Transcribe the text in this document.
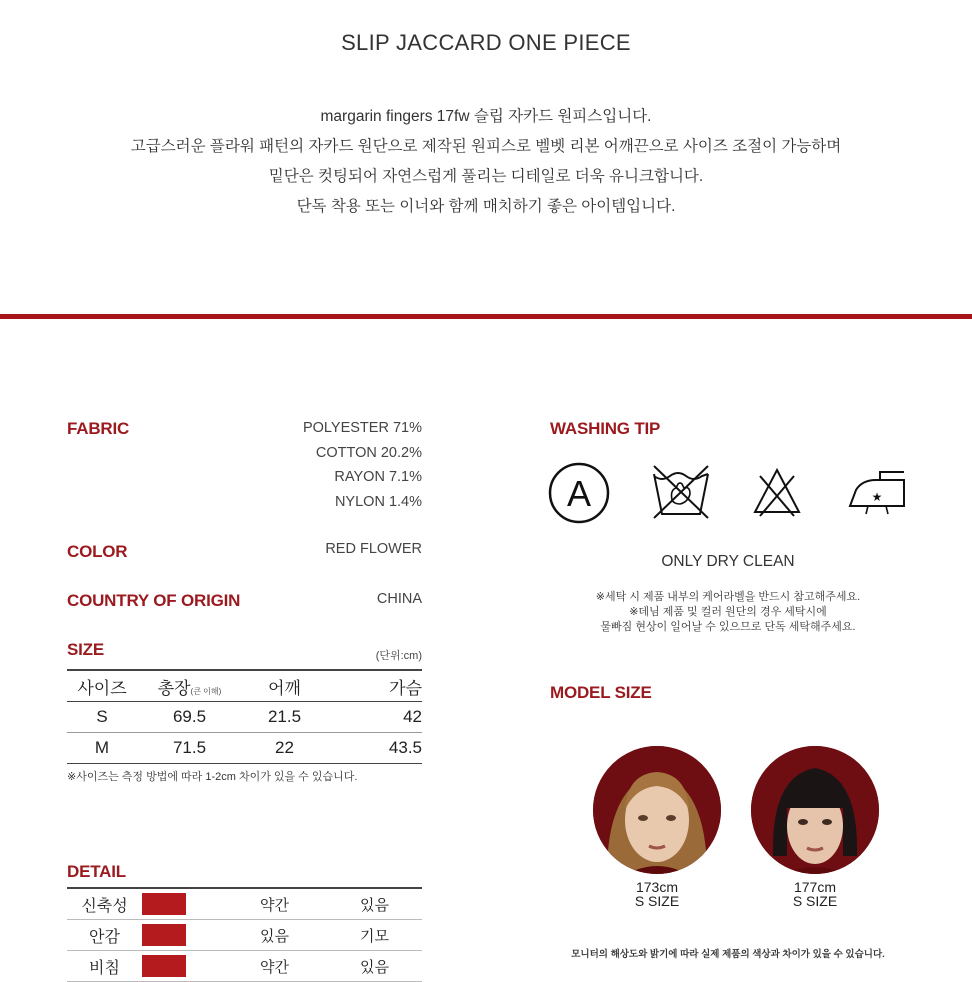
SLIP JACCARD ONE PIECE
margarin fingers 17fw 슬립 자카드 원피스입니다.
고급스러운 플라워 패턴의 자카드 원단으로 제작된 원피스로 벨벳 리본 어깨끈으로 사이즈 조절이 가능하며
밑단은 컷팅되어 자연스럽게 풀리는 디테일로 더욱 유니크합니다.
단독 착용 또는 이너와 함께 매치하기 좋은 아이템입니다.
FABRIC	POLYESTER 71%
COTTON 20.2%
RAYON 7.1%
NYLON 1.4%
COLOR	RED FLOWER
COUNTRY OF ORIGIN	CHINA
SIZE	(단위:cm)
사이즈	총장(큰 이해)	어깨	가슴
S	69.5	21.5	42
M	71.5	22	43.5
※사이즈는 측정 방법에 따라 1-2cm 차이가 있을 수 있습니다.
DETAIL
신축성	약간	있음
안감	있음	기모
비침	약간	있음
WASHING TIP
A	★
ONLY DRY CLEAN
※세탁 시 제품 내부의 케어라벨을 반드시 참고해주세요.
※데님 제품 및 컬러 원단의 경우 세탁시에
물빠짐 현상이 일어날 수 있으므로 단독 세탁해주세요.
MODEL SIZE
173cm
S SIZE
177cm
S SIZE
모니터의 해상도와 밝기에 따라 실제 제품의 색상과 차이가 있을 수 있습니다.
